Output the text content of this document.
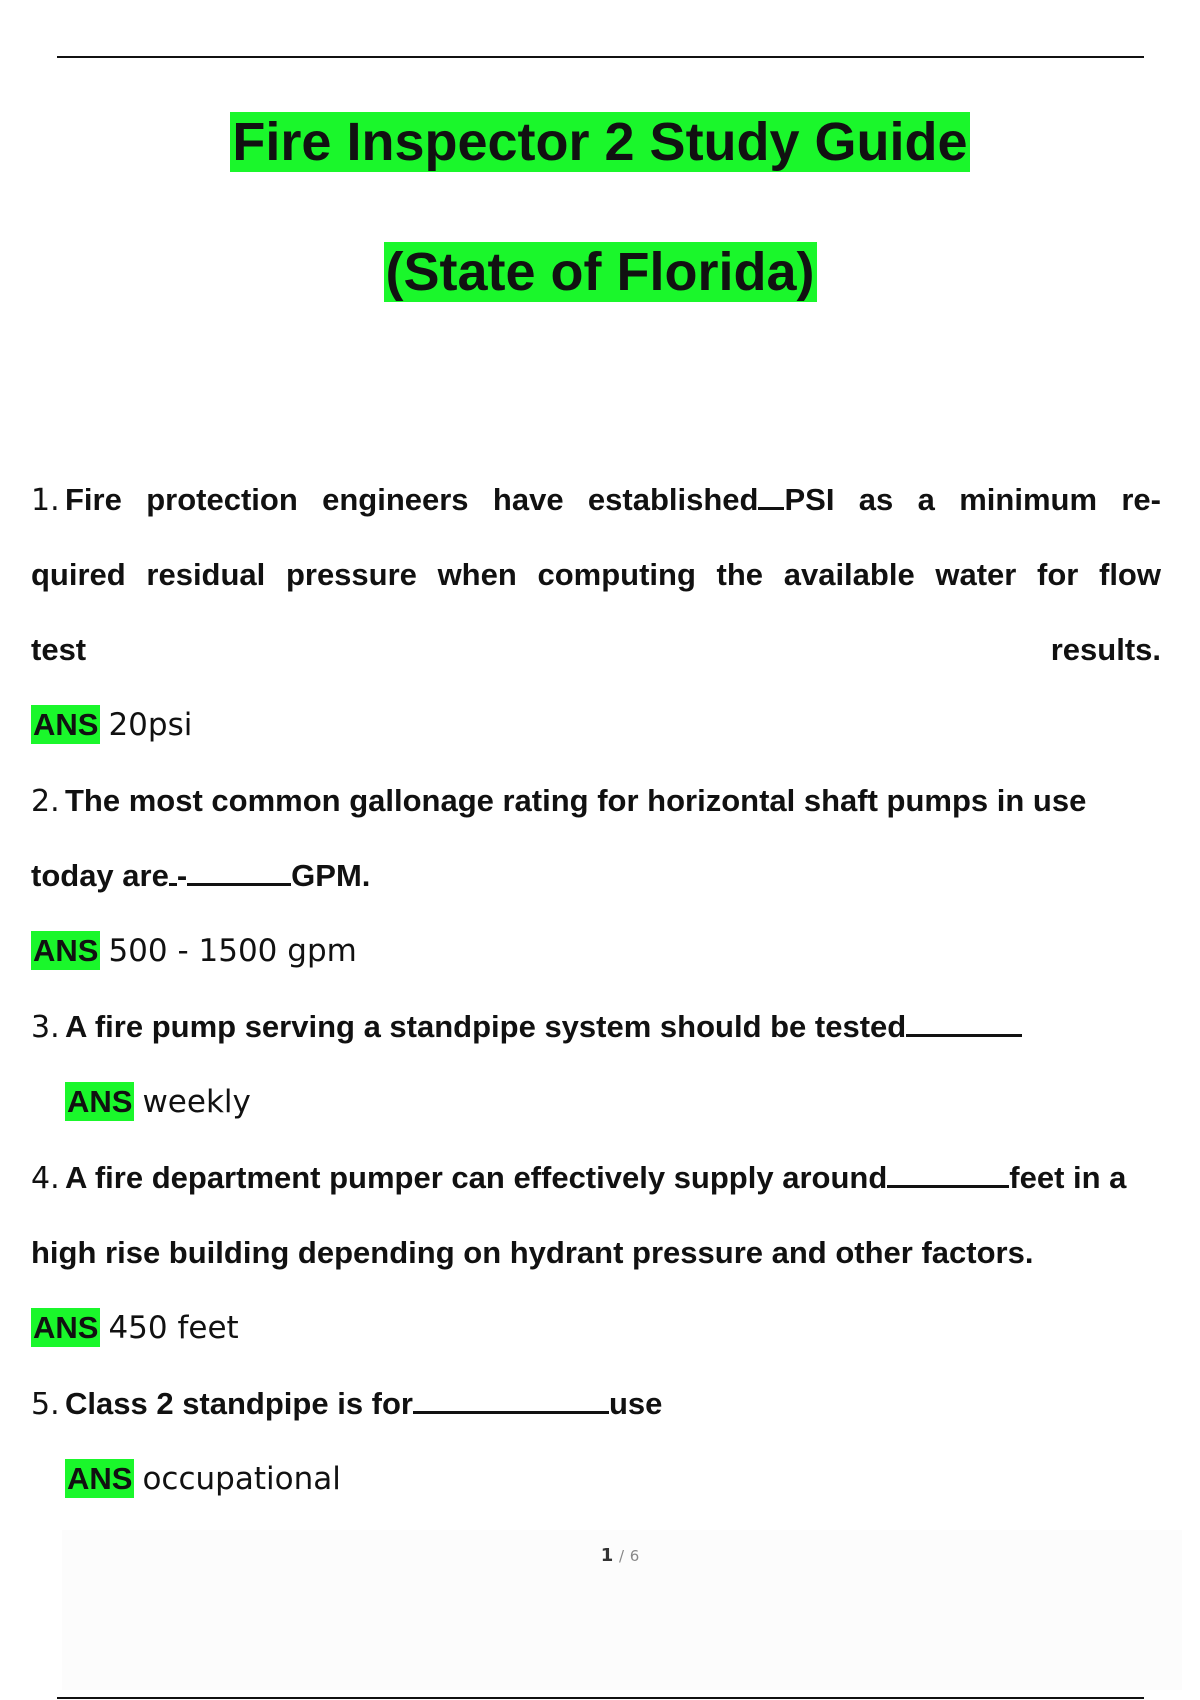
Fire Inspector 2 Study Guide
(State of Florida)
1. Fire protection engineers have established PSI as a minimum re-
quired residual pressure when computing the available water for flow
test	results.
ANS 20psi
2. The most common gallonage rating for horizontal shaft pumps in use
today are -	GPM.
ANS 500 - 1500 gpm
3. A fire pump serving a standpipe system should be tested
ANS weekly
4. A fire department pumper can effectively supply around	feet in a
high rise building depending on hydrant pressure and other factors.
ANS 450 feet
5. Class 2 standpipe is for	use
ANS occupational
1 / 6
